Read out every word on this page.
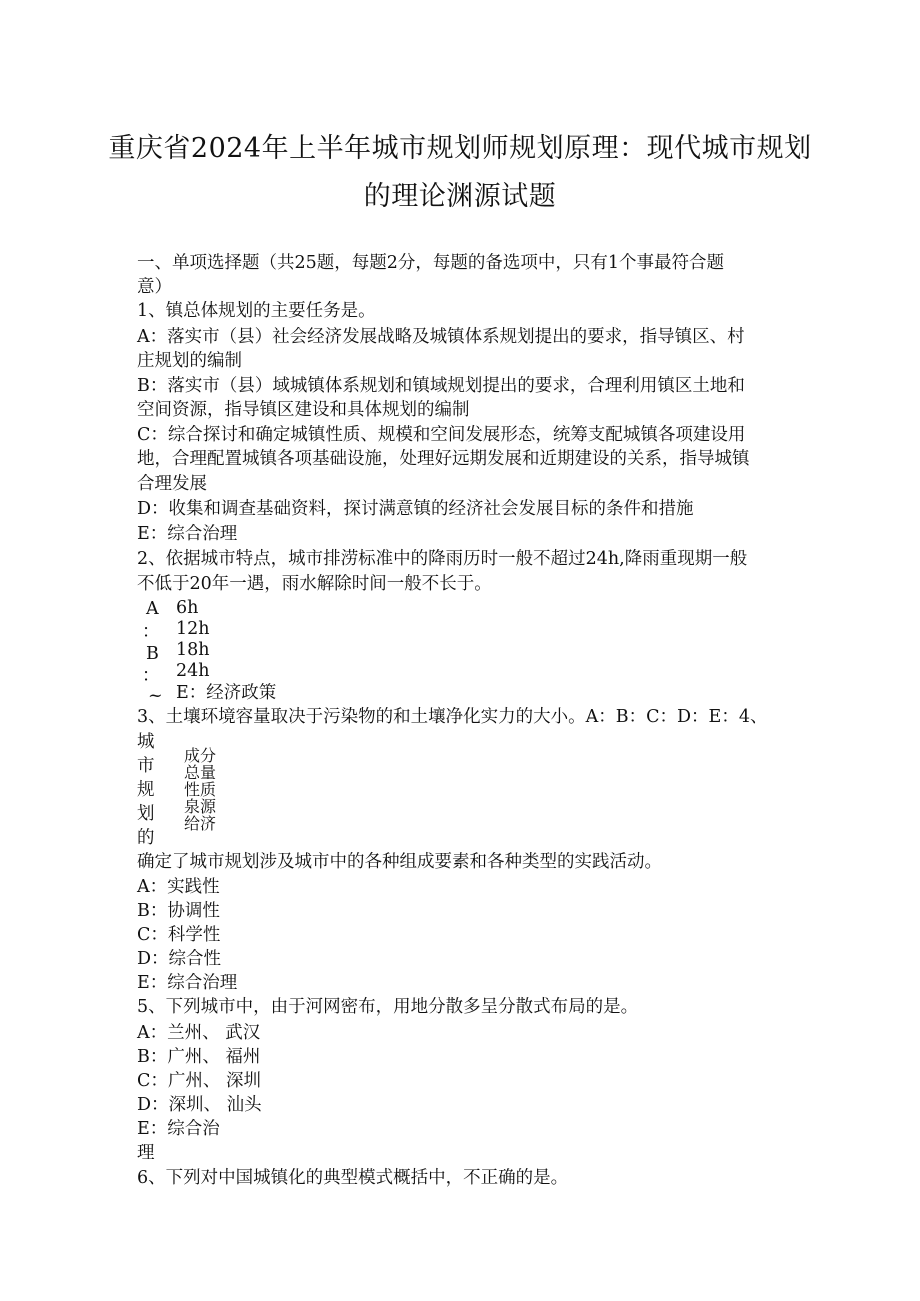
重庆省2024年上半年城市规划师规划原理：现代城市规划
的理论渊源试题
一、单项选择题（共25题，每题2分，每题的备选项中，只有1个事最符合题
意）
1、镇总体规划的主要任务是。
A：落实市（县）社会经济发展战略及城镇体系规划提出的要求，指导镇区、村
庄规划的编制
B：落实市（县）域城镇体系规划和镇域规划提出的要求，合理利用镇区土地和
空间资源，指导镇区建设和具体规划的编制
C：综合探讨和确定城镇性质、规模和空间发展形态，统筹支配城镇各项建设用
地，合理配置城镇各项基础设施，处理好远期发展和近期建设的关系，指导城镇
合理发展
D：收集和调查基础资料，探讨满意镇的经济社会发展目标的条件和措施
E：综合治理
2、依据城市特点，城市排涝标准中的降雨历时一般不超过24h,降雨重现期一般
不低于20年一遇，雨水解除时间一般不长于。
A
：
B
：
~
6h
12h
18h
24h
E：经济政策
3、土壤环境容量取决于污染物的和土壤净化实力的大小。A：B：C：D：E：4、
城
市
规
划
的
成分
总量
性质
泉源
给济
确定了城市规划涉及城市中的各种组成要素和各种类型的实践活动。
A：实践性
B：协调性
C：科学性
D：综合性
E：综合治理
5、下列城市中，由于河网密布，用地分散多呈分散式布局的是。
A：兰州、 武汉
B：广州、 福州
C：广州、 深圳
D：深圳、 汕头
E：综合治
理
6、下列对中国城镇化的典型模式概括中，不正确的是。
